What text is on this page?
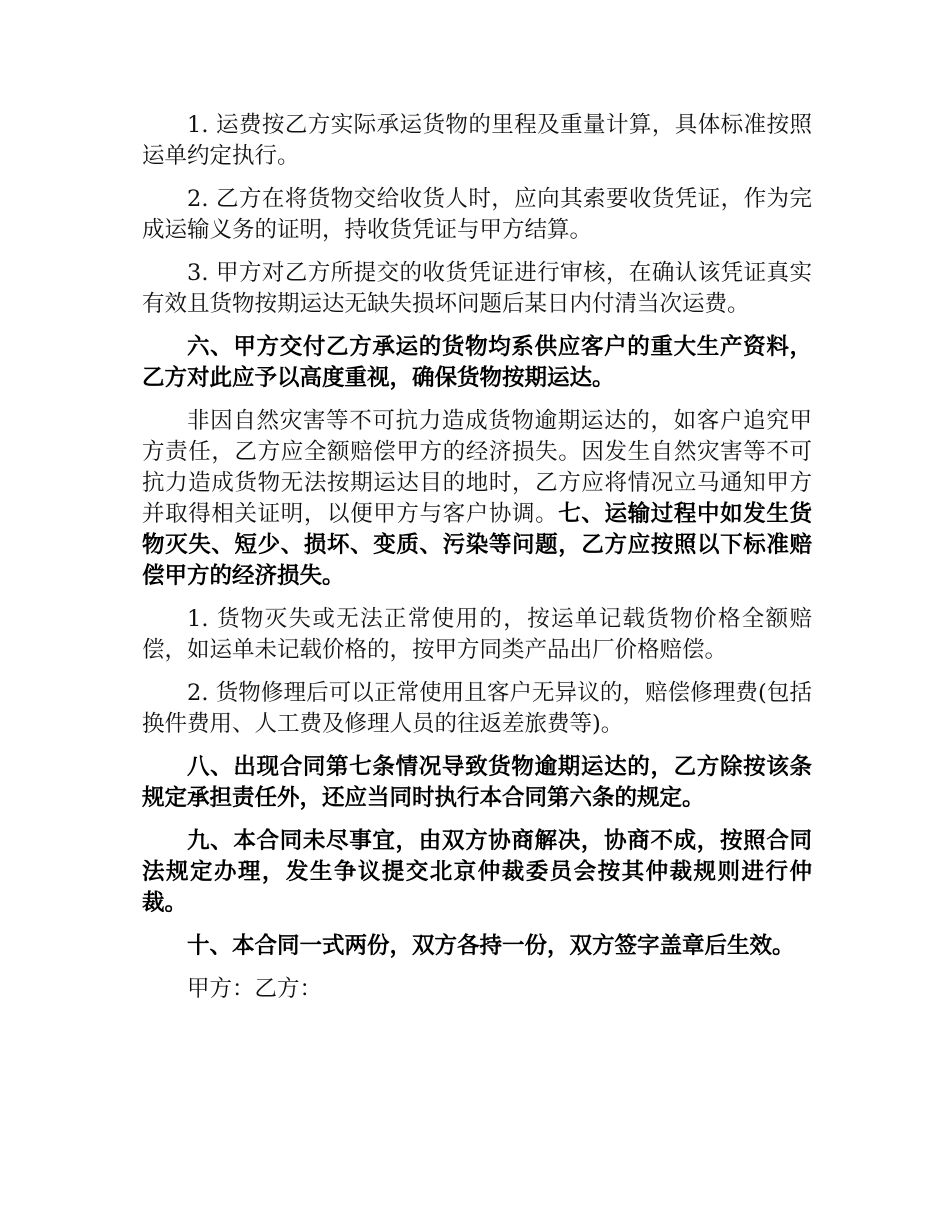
1. 运费按乙方实际承运货物的里程及重量计算，具体标准按照运单约定执行。

2. 乙方在将货物交给收货人时，应向其索要收货凭证，作为完成运输义务的证明，持收货凭证与甲方结算。

3. 甲方对乙方所提交的收货凭证进行审核，在确认该凭证真实有效且货物按期运达无缺失损坏问题后某日内付清当次运费。

六、甲方交付乙方承运的货物均系供应客户的重大生产资料，乙方对此应予以高度重视，确保货物按期运达。

非因自然灾害等不可抗力造成货物逾期运达的，如客户追究甲方责任，乙方应全额赔偿甲方的经济损失。因发生自然灾害等不可抗力造成货物无法按期运达目的地时，乙方应将情况立马通知甲方并取得相关证明，以便甲方与客户协调。七、运输过程中如发生货物灭失、短少、损坏、变质、污染等问题，乙方应按照以下标准赔偿甲方的经济损失。

1. 货物灭失或无法正常使用的，按运单记载货物价格全额赔偿，如运单未记载价格的，按甲方同类产品出厂价格赔偿。

2. 货物修理后可以正常使用且客户无异议的，赔偿修理费(包括换件费用、人工费及修理人员的往返差旅费等)。

八、出现合同第七条情况导致货物逾期运达的，乙方除按该条规定承担责任外，还应当同时执行本合同第六条的规定。

九、本合同未尽事宜，由双方协商解决，协商不成，按照合同法规定办理，发生争议提交北京仲裁委员会按其仲裁规则进行仲裁。

十、本合同一式两份，双方各持一份，双方签字盖章后生效。

甲方：乙方：
